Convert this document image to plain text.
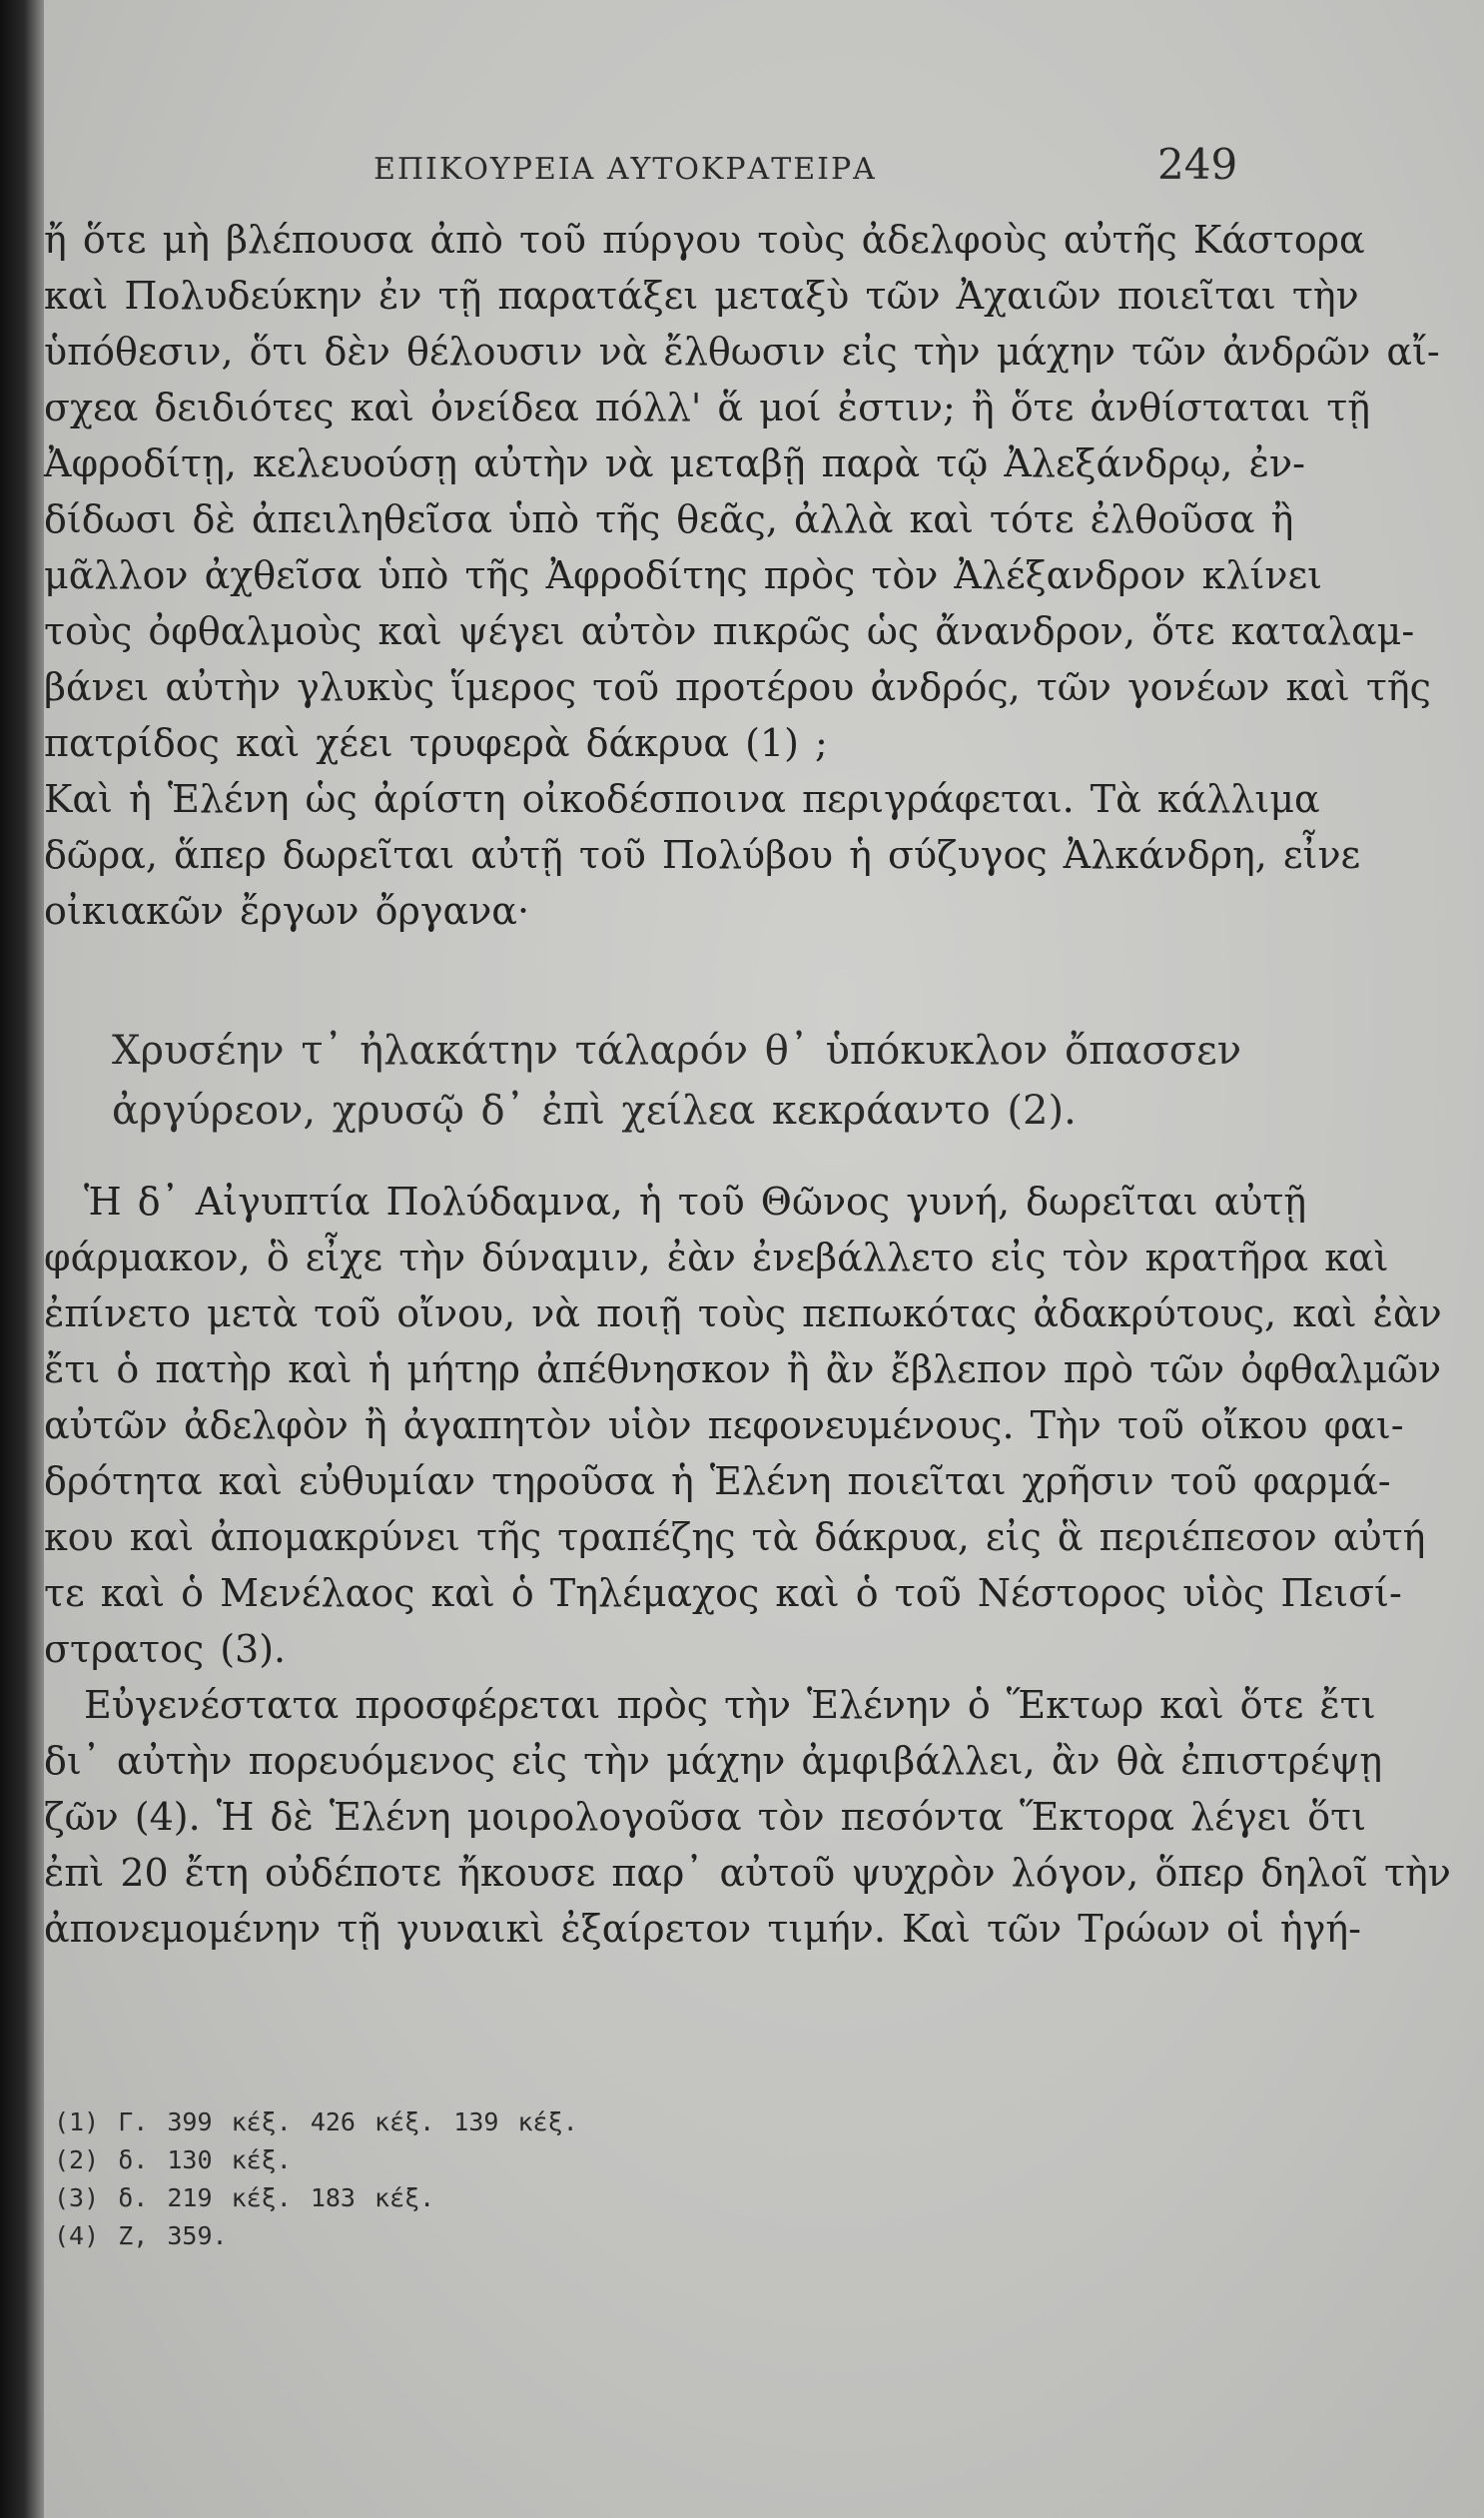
ΕΠΙΚΟΥΡΕΙΑ ΑΥΤΟΚΡΑΤΕΙΡΑ	249
ἤ ὅτε μὴ βλέπουσα ἀπὸ τοῦ πύργου τοὺς ἀδελφοὺς αὐτῆς Κάστορα
καὶ Πολυδεύκην ἐν τῇ παρατάξει μεταξὺ τῶν Ἀχαιῶν ποιεῖται τὴν
ὑπόθεσιν, ὅτι δὲν θέλουσιν νὰ ἔλθωσιν εἰς τὴν μάχην τῶν ἀνδρῶν αἴ-
σχεα δειδιότες καὶ ὀνείδεα πόλλ' ἅ μοί ἐστιν; ἢ ὅτε ἀνθίσταται τῇ
Ἀφροδίτῃ, κελευούσῃ αὐτὴν νὰ μεταβῇ παρὰ τῷ Ἀλεξάνδρῳ, ἐν-
δίδωσι δὲ ἀπειληθεῖσα ὑπὸ τῆς θεᾶς, ἀλλὰ καὶ τότε ἐλθοῦσα ἢ
μᾶλλον ἀχθεῖσα ὑπὸ τῆς Ἀφροδίτης πρὸς τὸν Ἀλέξανδρον κλίνει
τοὺς ὀφθαλμοὺς καὶ ψέγει αὐτὸν πικρῶς ὡς ἄνανδρον, ὅτε καταλαμ-
βάνει αὐτὴν γλυκὺς ἵμερος τοῦ προτέρου ἀνδρός, τῶν γονέων καὶ τῆς
πατρίδος καὶ χέει τρυφερὰ δάκρυα (1) ;
Καὶ ἡ Ἑλένη ὡς ἀρίστη οἰκοδέσποινα περιγράφεται. Τὰ κάλλιμα
δῶρα, ἅπερ δωρεῖται αὐτῇ τοῦ Πολύβου ἡ σύζυγος Ἀλκάνδρη, εἶνε
οἰκιακῶν ἔργων ὄργανα·
Χρυσέην τ᾽ ἠλακάτην τάλαρόν θ᾽ ὑπόκυκλον ὄπασσεν
ἀργύρεον, χρυσῷ δ᾽ ἐπὶ χείλεα κεκράαντο (2).
Ἡ δ᾽ Αἰγυπτία Πολύδαμνα, ἡ τοῦ Θῶνος γυνή, δωρεῖται αὐτῇ
φάρμακον, ὃ εἶχε τὴν δύναμιν, ἐὰν ἐνεβάλλετο εἰς τὸν κρατῆρα καὶ
ἐπίνετο μετὰ τοῦ οἴνου, νὰ ποιῇ τοὺς πεπωκότας ἀδακρύτους, καὶ ἐὰν
ἔτι ὁ πατὴρ καὶ ἡ μήτηρ ἀπέθνησκον ἢ ἂν ἔβλεπον πρὸ τῶν ὀφθαλμῶν
αὐτῶν ἀδελφὸν ἢ ἀγαπητὸν υἱὸν πεφονευμένους. Τὴν τοῦ οἴκου φαι-
δρότητα καὶ εὐθυμίαν τηροῦσα ἡ Ἑλένη ποιεῖται χρῆσιν τοῦ φαρμά-
κου καὶ ἀπομακρύνει τῆς τραπέζης τὰ δάκρυα, εἰς ἃ περιέπεσον αὐτή
τε καὶ ὁ Μενέλαος καὶ ὁ Τηλέμαχος καὶ ὁ τοῦ Νέστορος υἱὸς Πεισί-
στρατος (3).
Εὐγενέστατα προσφέρεται πρὸς τὴν Ἑλένην ὁ Ἕκτωρ καὶ ὅτε ἔτι
δι᾽ αὐτὴν πορευόμενος εἰς τὴν μάχην ἀμφιβάλλει, ἂν θὰ ἐπιστρέψῃ
ζῶν (4). Ἡ δὲ Ἑλένη μοιρολογοῦσα τὸν πεσόντα Ἕκτορα λέγει ὅτι
ἐπὶ 20 ἔτη οὐδέποτε ἤκουσε παρ᾽ αὐτοῦ ψυχρὸν λόγον, ὅπερ δηλοῖ τὴν
ἀπονεμομένην τῇ γυναικὶ ἐξαίρετον τιμήν. Καὶ τῶν Τρώων οἱ ἡγή-
(1) Γ. 399 κέξ. 426 κέξ. 139 κέξ.
(2) δ. 130 κέξ.
(3) δ. 219 κέξ. 183 κέξ.
(4) Ζ, 359.
